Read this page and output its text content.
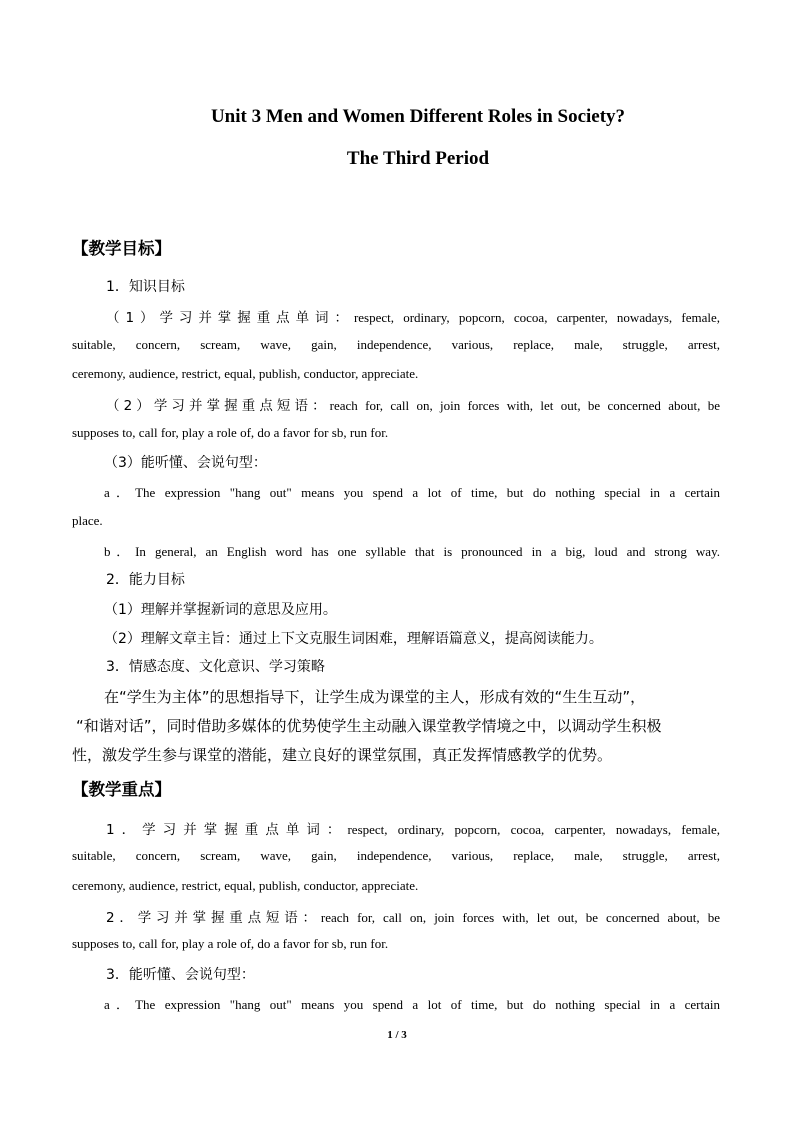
Unit 3 Men and Women Different Roles in Society?
The Third Period
【教学目标】
1．知识目标
（1）学习并掌握重点单词：respect, ordinary, popcorn, cocoa, carpenter, nowadays, female,
suitable, concern, scream, wave, gain, independence, various, replace, male, struggle, arrest,
ceremony, audience, restrict, equal, publish, conductor, appreciate.
（2）学习并掌握重点短语：reach for, call on, join forces with, let out, be concerned about, be
supposes to, call for, play a role of, do a favor for sb, run for.
（3）能听懂、会说句型：
a．The expression "hang out" means you spend a lot of time, but do nothing special in a certain
place.
b．In general, an English word has one syllable that is pronounced in a big, loud and strong way.
2．能力目标
（1）理解并掌握新词的意思及应用。
（2）理解文章主旨：通过上下文克服生词困难，理解语篇意义，提高阅读能力。
3．情感态度、文化意识、学习策略
在“学生为主体”的思想指导下，让学生成为课堂的主人，形成有效的“生生互动”，
“和谐对话”，同时借助多媒体的优势使学生主动融入课堂教学情境之中，以调动学生积极
性，激发学生参与课堂的潜能，建立良好的课堂氛围，真正发挥情感教学的优势。
【教学重点】
1．学习并掌握重点单词：respect, ordinary, popcorn, cocoa, carpenter, nowadays, female,
suitable, concern, scream, wave, gain, independence, various, replace, male, struggle, arrest,
ceremony, audience, restrict, equal, publish, conductor, appreciate.
2．学习并掌握重点短语：reach for, call on, join forces with, let out, be concerned about, be
supposes to, call for, play a role of, do a favor for sb, run for.
3．能听懂、会说句型：
a．The expression "hang out" means you spend a lot of time, but do nothing special in a certain
1 / 3
